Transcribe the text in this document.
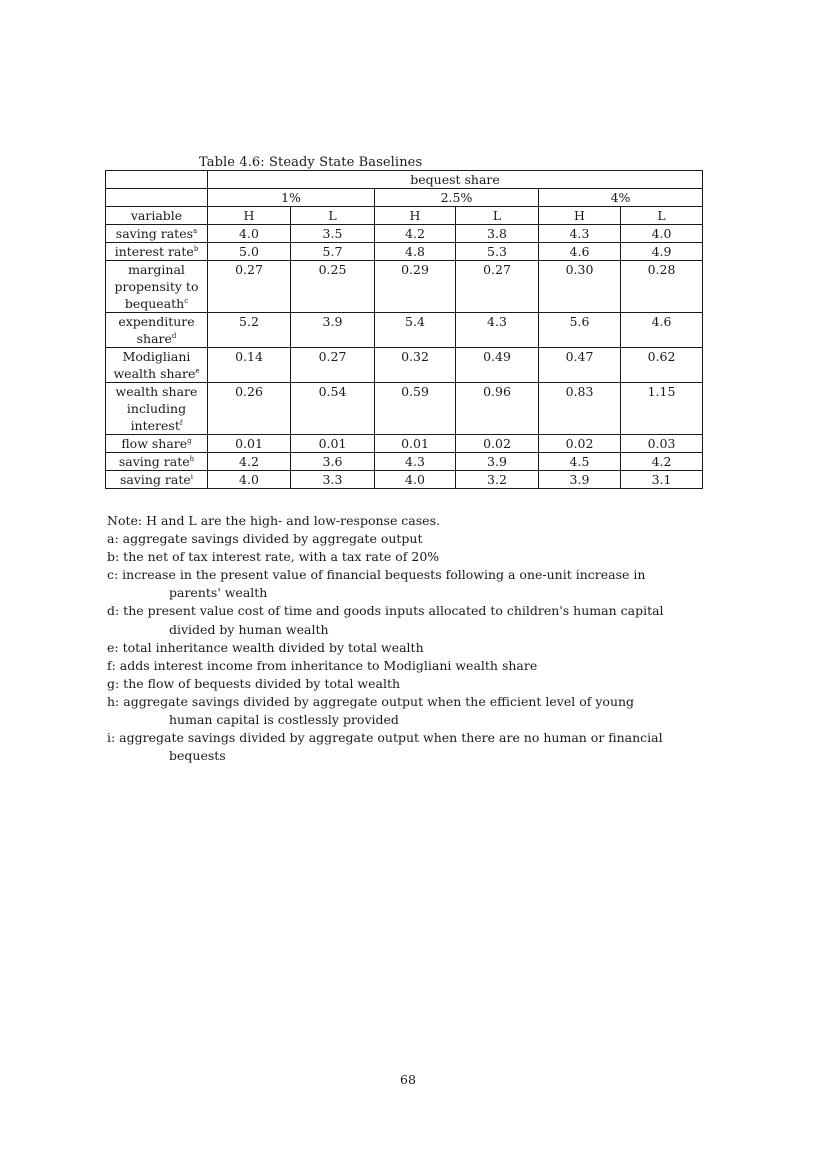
Table 4.6: Steady State Baselines
	bequest share					
	1%		2.5%		4%	
variable	H	L	H	L	H	L
saving rates$^a$	4.0	3.5	4.2	3.8	4.3	4.0
interest rate$^b$	5.0	5.7	4.8	5.3	4.6	4.9
marginal propensity to bequeath$^c$	0.27	0.25	0.29	0.27	0.30	0.28
expenditure share$^d$	5.2	3.9	5.4	4.3	5.6	4.6
Modigliani wealth share$^e$	0.14	0.27	0.32	0.49	0.47	0.62
wealth share including interest$^f$	0.26	0.54	0.59	0.96	0.83	1.15
flow share$^g$	0.01	0.01	0.01	0.02	0.02	0.03
saving rate$^h$	4.2	3.6	4.3	3.9	4.5	4.2
saving rate$^i$	4.0	3.3	4.0	3.2	3.9	3.1
Note: H and L are the high- and low-response cases.
a: aggregate savings divided by aggregate output
b: the net of tax interest rate, with a tax rate of 20%
c: increase in the present value of financial bequests following a one-unit increase in
parents' wealth
d: the present value cost of time and goods inputs allocated to children's human capital
divided by human wealth
e: total inheritance wealth divided by total wealth
f: adds interest income from inheritance to Modigliani wealth share
g: the flow of bequests divided by total wealth
h: aggregate savings divided by aggregate output when the efficient level of young
human capital is costlessly provided
i: aggregate savings divided by aggregate output when there are no human or financial
bequests
68
